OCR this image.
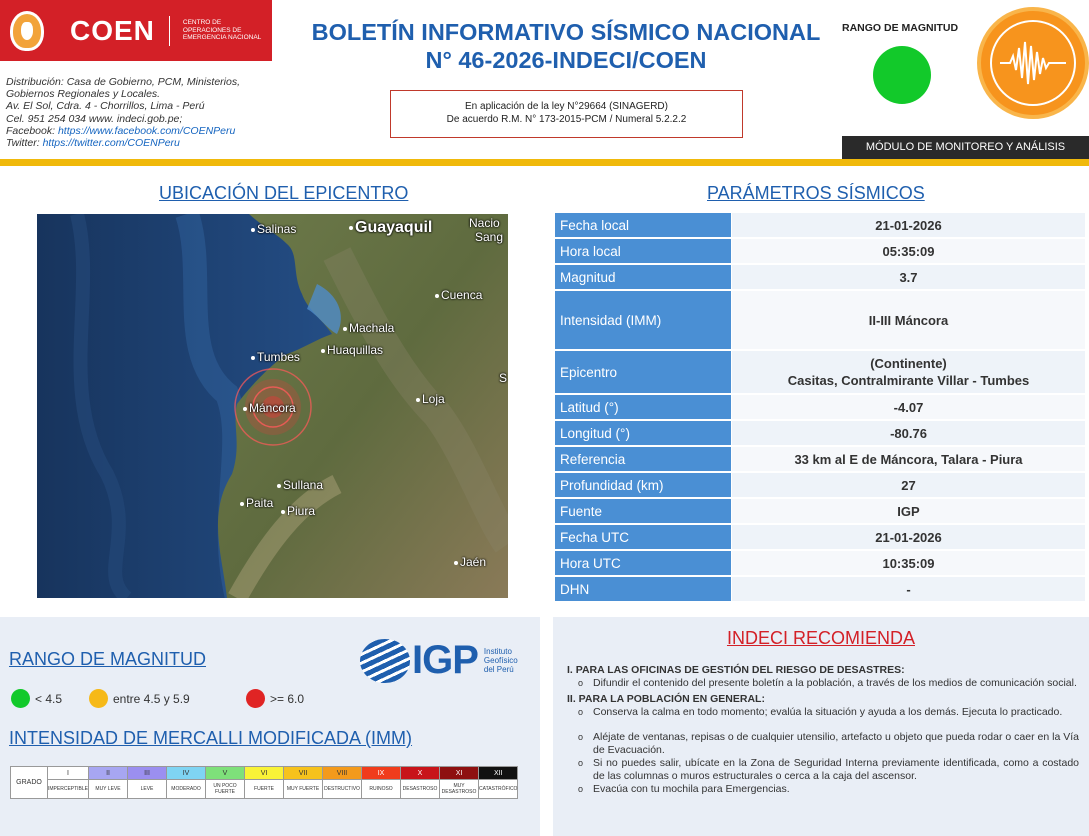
COEN	CENTRO DE
OPERACIONES DE
EMERGENCIA NACIONAL
Distribución: Casa de Gobierno, PCM, Ministerios,
Gobiernos Regionales y Locales.
Av. El Sol, Cdra. 4 - Chorrillos, Lima - Perú
Cel. 951 254 034 www. indeci.gob.pe;
Facebook: https://www.facebook.com/COENPeru
Twitter: https://twitter.com/COENPeru
BOLETÍN INFORMATIVO SÍSMICO NACIONAL
N° 46-2026-INDECI/COEN
En aplicación de la ley N°29664 (SINAGERD)
De acuerdo R.M. N° 173-2015-PCM / Numeral 5.2.2.2
RANGO DE MAGNITUD
MÓDULO DE MONITOREO Y ANÁLISIS
UBICACIÓN DEL EPICENTRO	PARÁMETROS SÍSMICOS
Salinas	Guayaquil	Nacio
Sang
Cuenca
Machala
Huaquillas
Tumbes
Máncora
Loja
S
Sullana
Paita
Piura
Jaén
Fecha local	21-01-2026
Hora local	05:35:09
Magnitud	3.7
Intensidad (IMM)	II-III Máncora
Epicentro
(Continente)
Casitas, Contralmirante Villar - Tumbes
Latitud (°)	-4.07
Longitud (°)	-80.76
Referencia	33 km al E de Máncora, Talara - Piura
Profundidad (km)	27
Fuente	IGP
Fecha UTC	21-01-2026
Hora UTC	10:35:09
DHN	-
RANGO DE MAGNITUD	IGP Instituto
Geofísico
del Perú
< 4.5	entre 4.5 y 5.9	>= 6.0
INTENSIDAD DE MERCALLI MODIFICADA (IMM)
GRADO	I	II	III	IV	V	VI	VII	VIII	IX	X	XI	XII
	IMPERCEPTIBLE	MUY LEVE	LEVE	MODERADO	UN POCO FUERTE	FUERTE	MUY FUERTE	DESTRUCTIVO	RUINOSO	DESASTROSO	MUY DESASTROSO	CATASTRÓFICO
INDECI RECOMIENDA
I. PARA LAS OFICINAS DE GESTIÓN DEL RIESGO DE DESASTRES:
o Difundir el contenido del presente boletín a la población, a través de los medios de comunicación social.
II. PARA LA POBLACIÓN EN GENERAL:
o Conserva la calma en todo momento; evalúa la situación y ayuda a los demás. Ejecuta lo practicado.
o Aléjate de ventanas, repisas o de cualquier utensilio, artefacto u objeto que pueda rodar o caer en la Vía de Evacuación.
o Si no puedes salir, ubícate en la Zona de Seguridad Interna previamente identificada, como a costado de las columnas o muros estructurales o cerca a la caja del ascensor.
o Evacúa con tu mochila para Emergencias.
